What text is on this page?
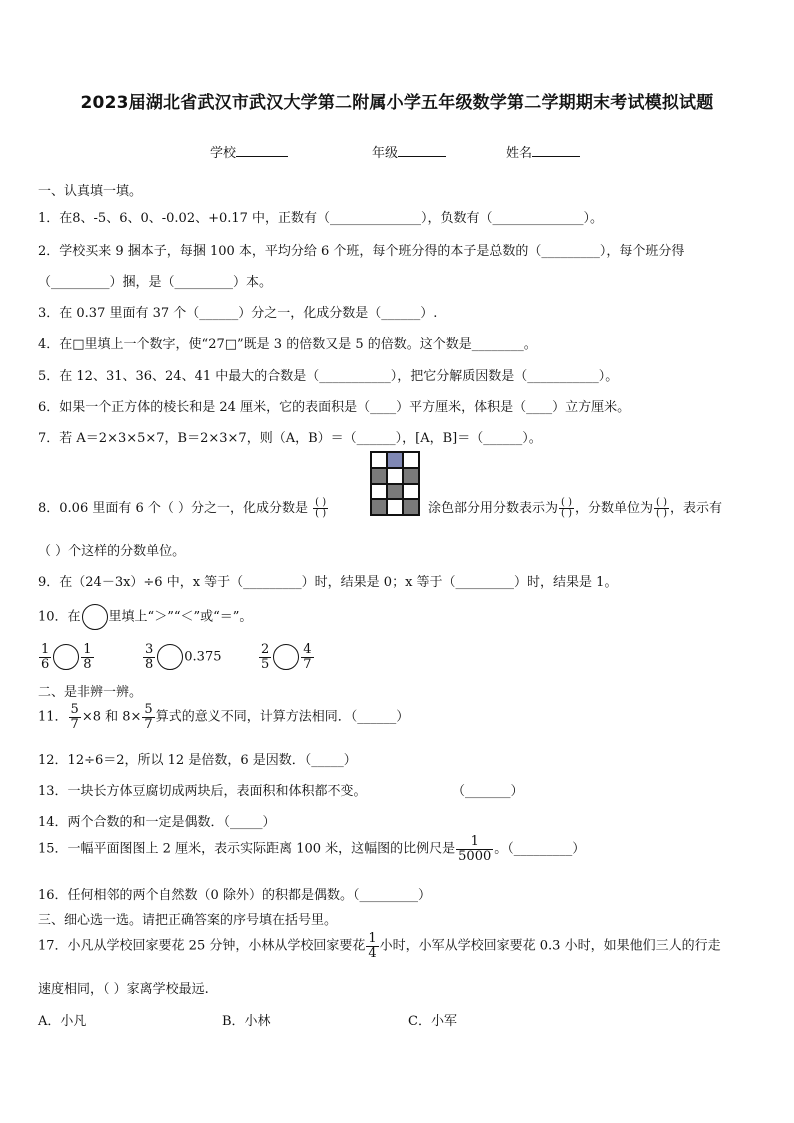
2023届湖北省武汉市武汉大学第二附属小学五年级数学第二学期期末考试模拟试题
学校	年级	姓名
一、认真填一填。
1．在8、-5、6、0、-0.02、+0.17 中，正数有（______________），负数有（______________）。
2．学校买来 9 捆本子，每捆 100 本，平均分给 6 个班，每个班分得的本子是总数的（_________），每个班分得
（_________）捆，是（_________）本。
3．在 0.37 里面有 37 个（______）分之一，化成分数是（______）.
4．在□里填上一个数字，使“27□”既是 3 的倍数又是 5 的倍数。这个数是________。
5．在 12、31、36、24、41 中最大的合数是（___________），把它分解质因数是（___________）。
6．如果一个正方体的棱长和是 24 厘米，它的表面积是（____）平方厘米，体积是（____）立方厘米。
7．若 A＝2×3×5×7，B＝2×3×7，则（A，B）＝（______），[A，B]＝（______）。
8．0.06 里面有 6 个（ ）分之一，化成分数是 $\frac{( )}{( )}$	涂色部分用分数表示为 $\frac{( )}{( )}$ ，分数单位为 $\frac{( )}{( )}$ ，表示有
（ ）个这样的分数单位。
9．在（24－3x）÷6 中，x 等于（_________）时，结果是 0；x 等于（_________）时，结果是 1。
10．在 里填上“＞”“＜”或“＝”。
$\frac{1}{6} \frac{1}{8}$	$\frac{3}{8} 0.375$	$\frac{2}{5} \frac{4}{7}$
二、是非辨一辨。
11． $\frac{5}{7} \times 8$ 和 $8\times \frac{5}{7}$ 算式的意义不同，计算方法相同．（______）
12．12÷6＝2，所以 12 是倍数，6 是因数．（_____）
13．一块长方体豆腐切成两块后，表面积和体积都不变。	（_______）
14．两个合数的和一定是偶数．（_____）
15．一幅平面图图上 2 厘米，表示实际距离 100 米，这幅图的比例尺是 $\frac{1}{5000}$ 。（_________）
16．任何相邻的两个自然数（0 除外）的积都是偶数。（_________）
三、细心选一选。请把正确答案的序号填在括号里。
17．小凡从学校回家要花 25 分钟，小林从学校回家要花 $\frac{1}{4}$ 小时，小军从学校回家要花 0.3 小时，如果他们三人的行走
速度相同，（ ）家离学校最远.
A．小凡	B．小林	C．小军
